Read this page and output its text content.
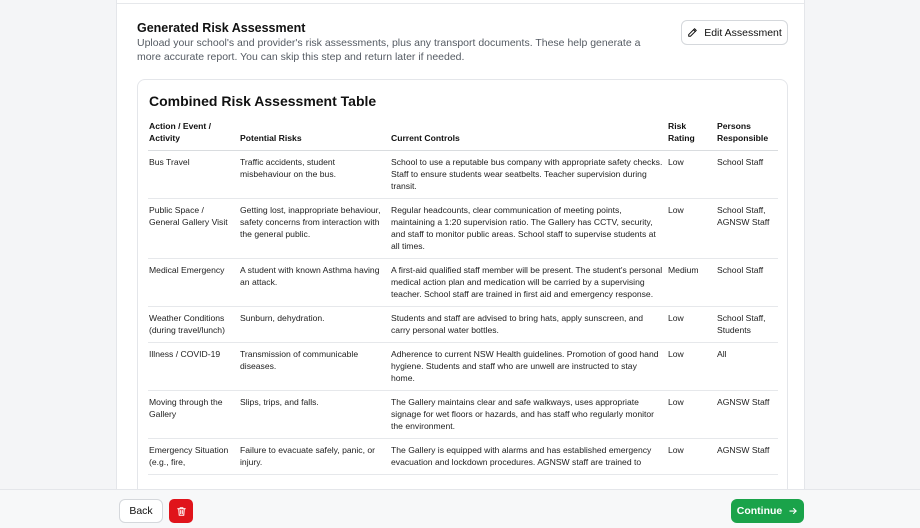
Generated Risk Assessment
Upload your school's and provider's risk assessments, plus any transport documents. These help generate a more accurate report. You can skip this step and return later if needed.
Edit Assessment
Combined Risk Assessment Table
Action / Event / Activity	Potential Risks	Current Controls	Risk Rating	Persons Responsible
Bus Travel	Traffic accidents, student misbehaviour on the bus.	School to use a reputable bus company with appropriate safety checks. Staff to ensure students wear seatbelts. Teacher supervision during transit.	Low	School Staff
Public Space / General Gallery Visit	Getting lost, inappropriate behaviour, safety concerns from interaction with the general public.	Regular headcounts, clear communication of meeting points, maintaining a 1:20 supervision ratio. The Gallery has CCTV, security, and staff to monitor public areas. School staff to supervise students at all times.	Low	School Staff, AGNSW Staff
Medical Emergency	A student with known Asthma having an attack.	A first-aid qualified staff member will be present. The student's personal medical action plan and medication will be carried by a supervising teacher. School staff are trained in first aid and emergency response.	Medium	School Staff
Weather Conditions (during travel/lunch)	Sunburn, dehydration.	Students and staff are advised to bring hats, apply sunscreen, and carry personal water bottles.	Low	School Staff, Students
Illness / COVID-19	Transmission of communicable diseases.	Adherence to current NSW Health guidelines. Promotion of good hand hygiene. Students and staff who are unwell are instructed to stay home.	Low	All
Moving through the Gallery	Slips, trips, and falls.	The Gallery maintains clear and safe walkways, uses appropriate signage for wet floors or hazards, and has staff who regularly monitor the environment.	Low	AGNSW Staff
Emergency Situation (e.g., fire,	Failure to evacuate safely, panic, or injury.	The Gallery is equipped with alarms and has established emergency evacuation and lockdown procedures. AGNSW staff are trained to	Low	AGNSW Staff
Back	Continue
